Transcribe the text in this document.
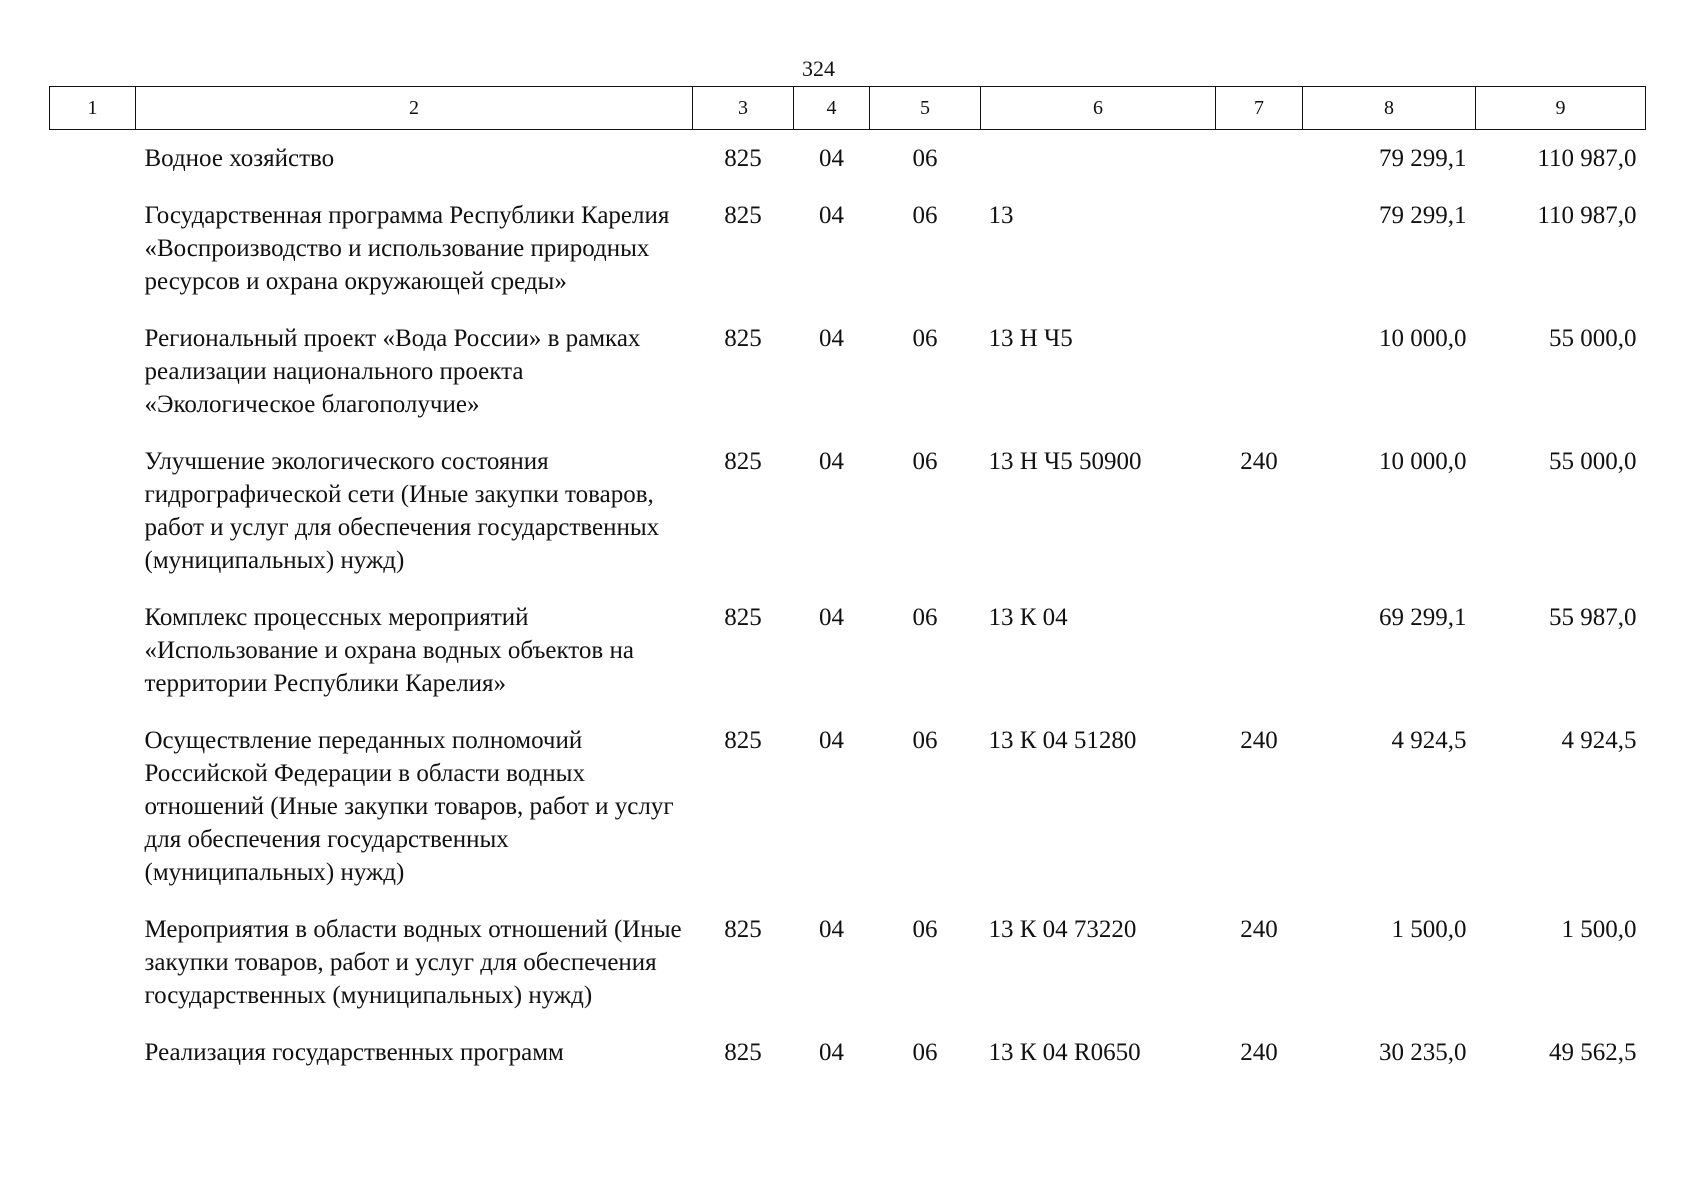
324
1	2	3	4	5	6	7	8	9
	Водное хозяйство	825	04	06			79 299,1	110 987,0
	Государственная программа Республики Карелия «Воспроизводство и использование природных ресурсов и охрана окружающей среды»	825	04	06	13		79 299,1	110 987,0
	Региональный проект «Вода России» в рамках реализации национального проекта «Экологическое благополучие»	825	04	06	13 Н Ч5		10 000,0	55 000,0
	Улучшение экологического состояния гидрографической сети (Иные закупки товаров, работ и услуг для обеспечения государственных (муниципальных) нужд)	825	04	06	13 Н Ч5 50900	240	10 000,0	55 000,0
	Комплекс процессных мероприятий «Использование и охрана водных объектов на территории Республики Карелия»	825	04	06	13 К 04		69 299,1	55 987,0
	Осуществление переданных полномочий Российской Федерации в области водных отношений (Иные закупки товаров, работ и услуг для обеспечения государственных (муниципальных) нужд)	825	04	06	13 К 04 51280	240	4 924,5	4 924,5
	Мероприятия в области водных отношений (Иные закупки товаров, работ и услуг для обеспечения государственных (муниципальных) нужд)	825	04	06	13 К 04 73220	240	1 500,0	1 500,0
	Реализация государственных программ	825	04	06	13 К 04 R0650	240	30 235,0	49 562,5
